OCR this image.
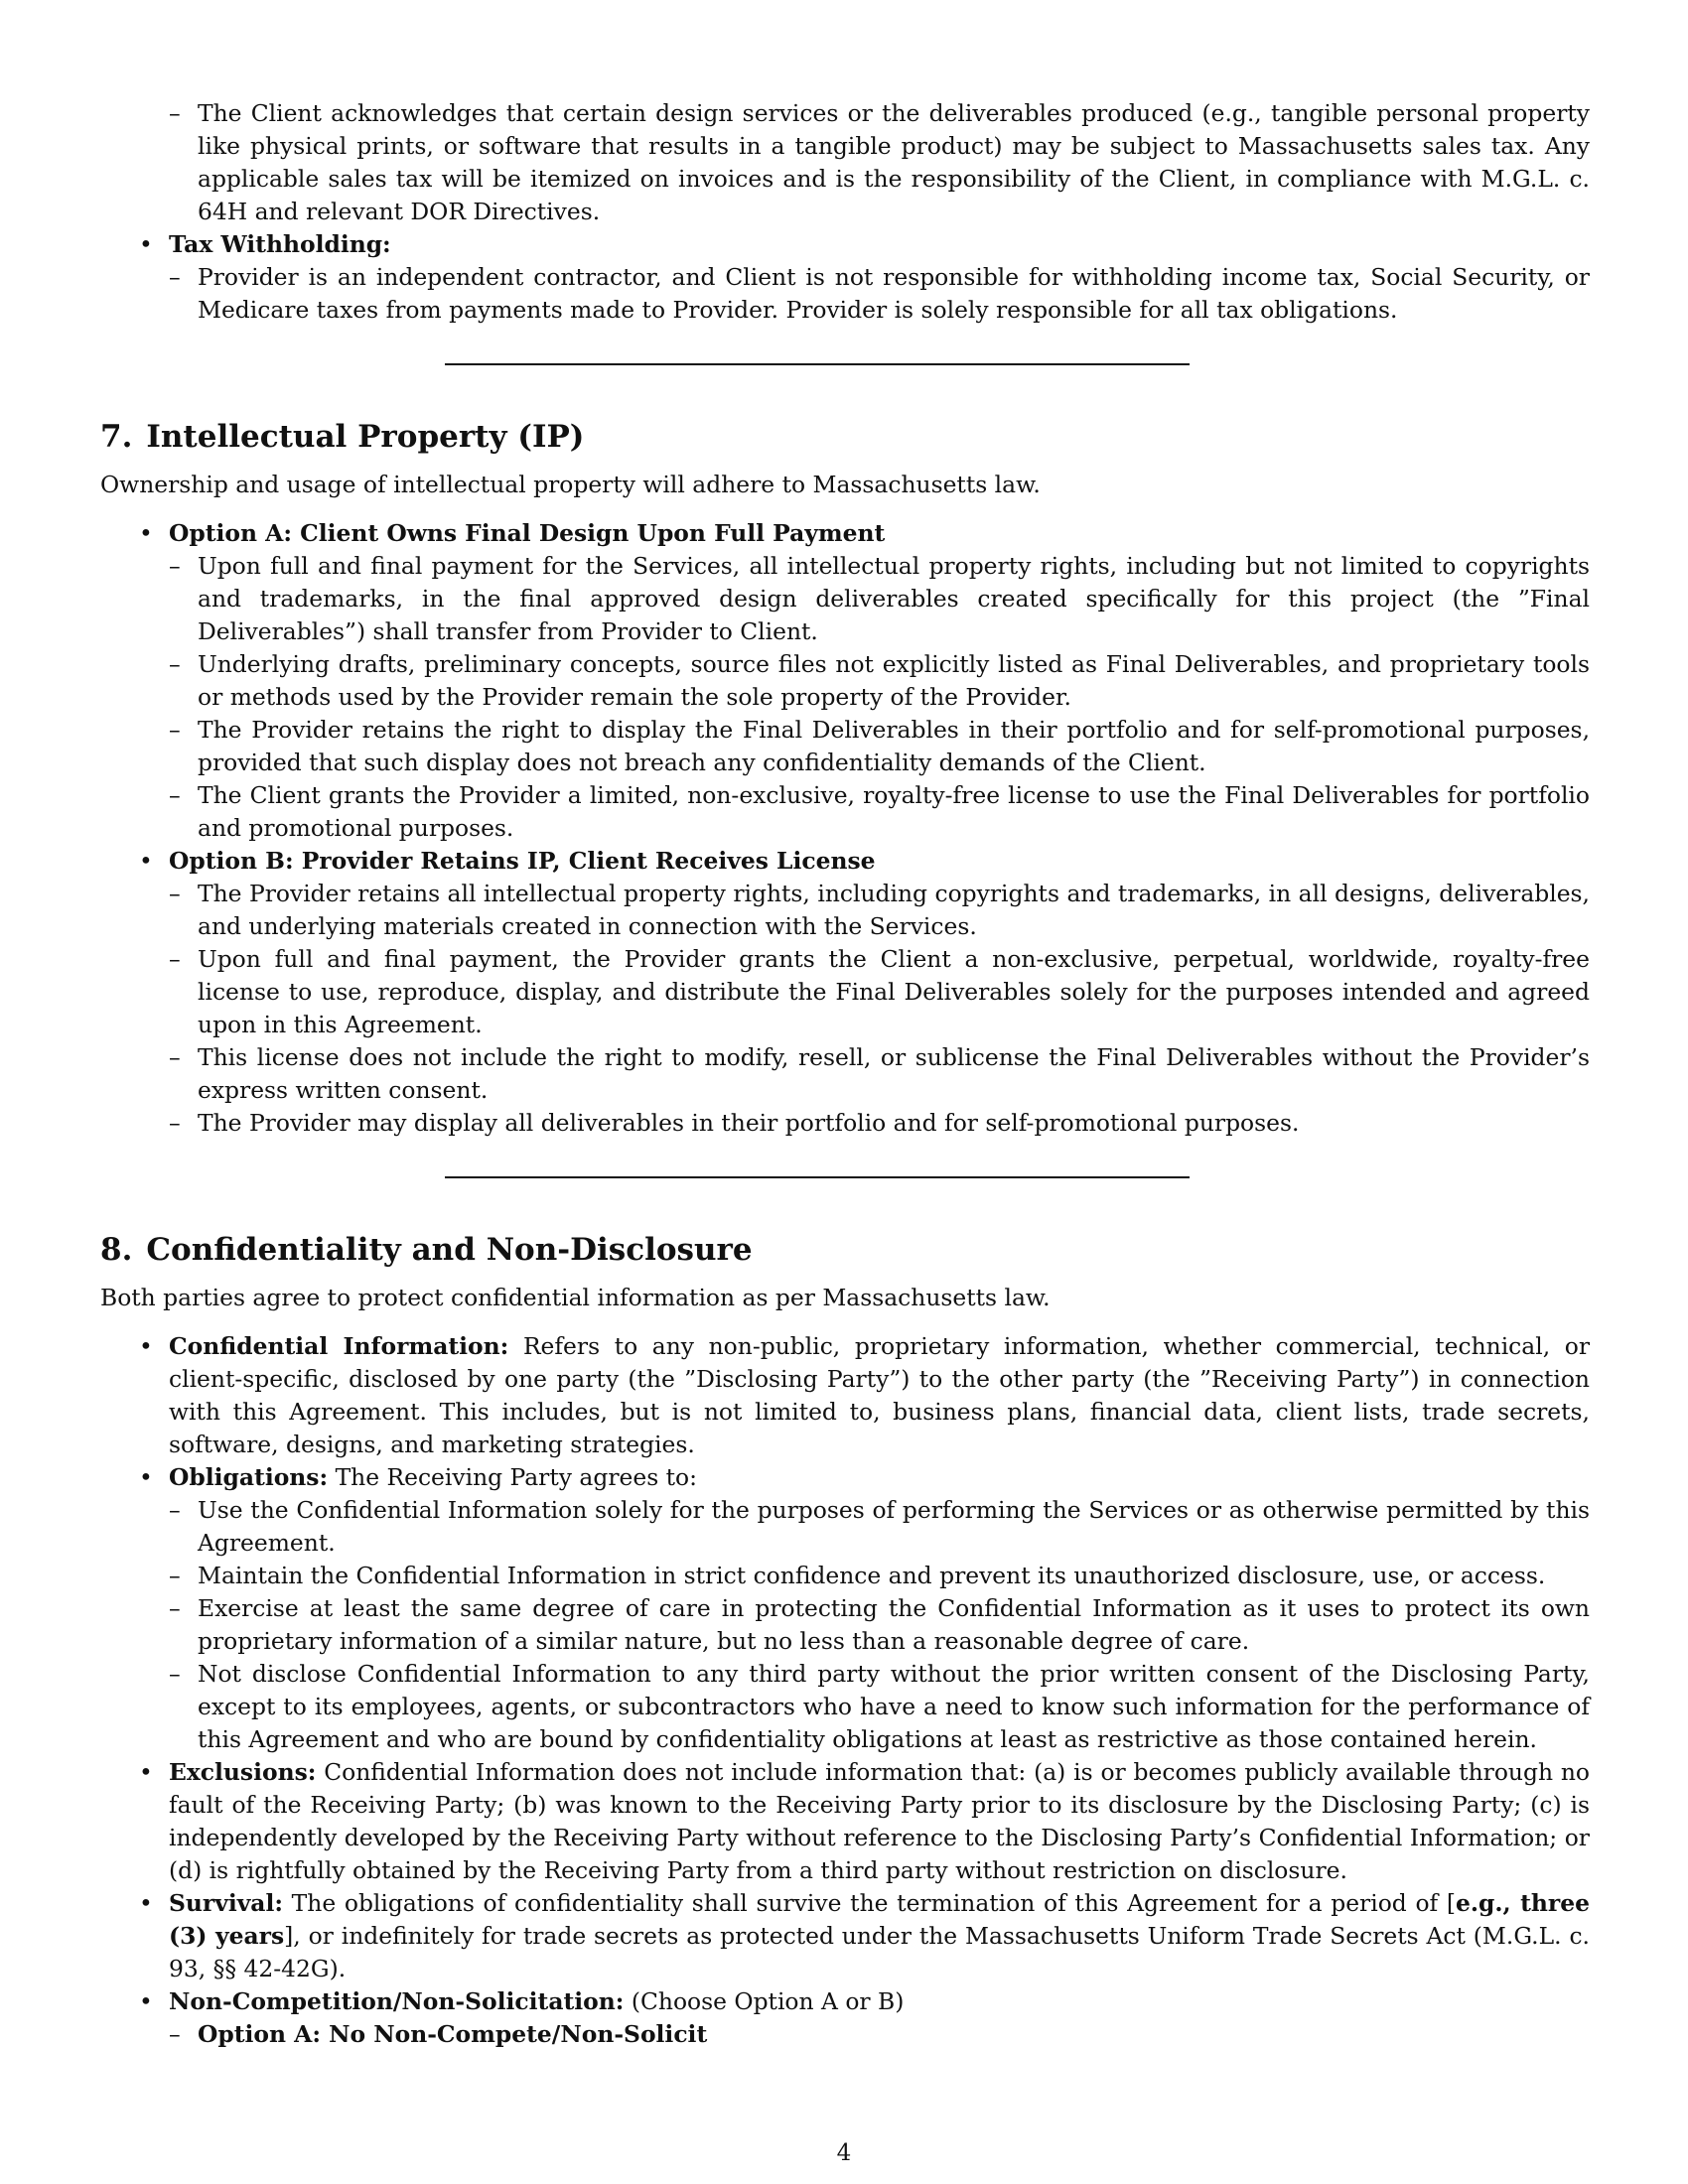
– The Client acknowledges that certain design services or the deliverables produced (e.g., tangible personal property like physical prints, or software that results in a tangible product) may be subject to Massachusetts sales tax. Any applicable sales tax will be itemized on invoices and is the responsibility of the Client, in compliance with M.G.L. c. 64H and relevant DOR Directives.
• Tax Withholding:
– Provider is an independent contractor, and Client is not responsible for withholding income tax, Social Security, or Medicare taxes from payments made to Provider. Provider is solely responsible for all tax obligations.
7. Intellectual Property (IP)

Ownership and usage of intellectual property will adhere to Massachusetts law.

• Option A: Client Owns Final Design Upon Full Payment
– Upon full and final payment for the Services, all intellectual property rights, including but not limited to copyrights and trademarks, in the final approved design deliverables created specifically for this project (the ”Final Deliverables”) shall transfer from Provider to Client.
– Underlying drafts, preliminary concepts, source files not explicitly listed as Final Deliverables, and proprietary tools or methods used by the Provider remain the sole property of the Provider.
– The Provider retains the right to display the Final Deliverables in their portfolio and for self-promotional purposes, provided that such display does not breach any confidentiality demands of the Client.
– The Client grants the Provider a limited, non-exclusive, royalty-free license to use the Final Deliverables for portfolio and promotional purposes.
• Option B: Provider Retains IP, Client Receives License
– The Provider retains all intellectual property rights, including copyrights and trademarks, in all designs, deliverables, and underlying materials created in connection with the Services.
– Upon full and final payment, the Provider grants the Client a non-exclusive, perpetual, worldwide, royalty-free license to use, reproduce, display, and distribute the Final Deliverables solely for the purposes intended and agreed upon in this Agreement.
– This license does not include the right to modify, resell, or sublicense the Final Deliverables without the Provider’s express written consent.
– The Provider may display all deliverables in their portfolio and for self-promotional purposes.
8. Confidentiality and Non-Disclosure

Both parties agree to protect confidential information as per Massachusetts law.

• Confidential Information: Refers to any non-public, proprietary information, whether commercial, technical, or client-specific, disclosed by one party (the ”Disclosing Party”) to the other party (the ”Receiving Party”) in connection with this Agreement. This includes, but is not limited to, business plans, financial data, client lists, trade secrets, software, designs, and marketing strategies.
• Obligations: The Receiving Party agrees to:
– Use the Confidential Information solely for the purposes of performing the Services or as otherwise permitted by this Agreement.
– Maintain the Confidential Information in strict confidence and prevent its unauthorized disclosure, use, or access.
– Exercise at least the same degree of care in protecting the Confidential Information as it uses to protect its own proprietary information of a similar nature, but no less than a reasonable degree of care.
– Not disclose Confidential Information to any third party without the prior written consent of the Disclosing Party, except to its employees, agents, or subcontractors who have a need to know such information for the performance of this Agreement and who are bound by confidentiality obligations at least as restrictive as those contained herein.
• Exclusions: Confidential Information does not include information that: (a) is or becomes publicly available through no fault of the Receiving Party; (b) was known to the Receiving Party prior to its disclosure by the Disclosing Party; (c) is independently developed by the Receiving Party without reference to the Disclosing Party’s Confidential Information; or (d) is rightfully obtained by the Receiving Party from a third party without restriction on disclosure.
• Survival: The obligations of confidentiality shall survive the termination of this Agreement for a period of [e.g., three (3) years], or indefinitely for trade secrets as protected under the Massachusetts Uniform Trade Secrets Act (M.G.L. c. 93, §§ 42-42G).
• Non-Competition/Non-Solicitation: (Choose Option A or B)
– Option A: No Non-Compete/Non-Solicit
4
